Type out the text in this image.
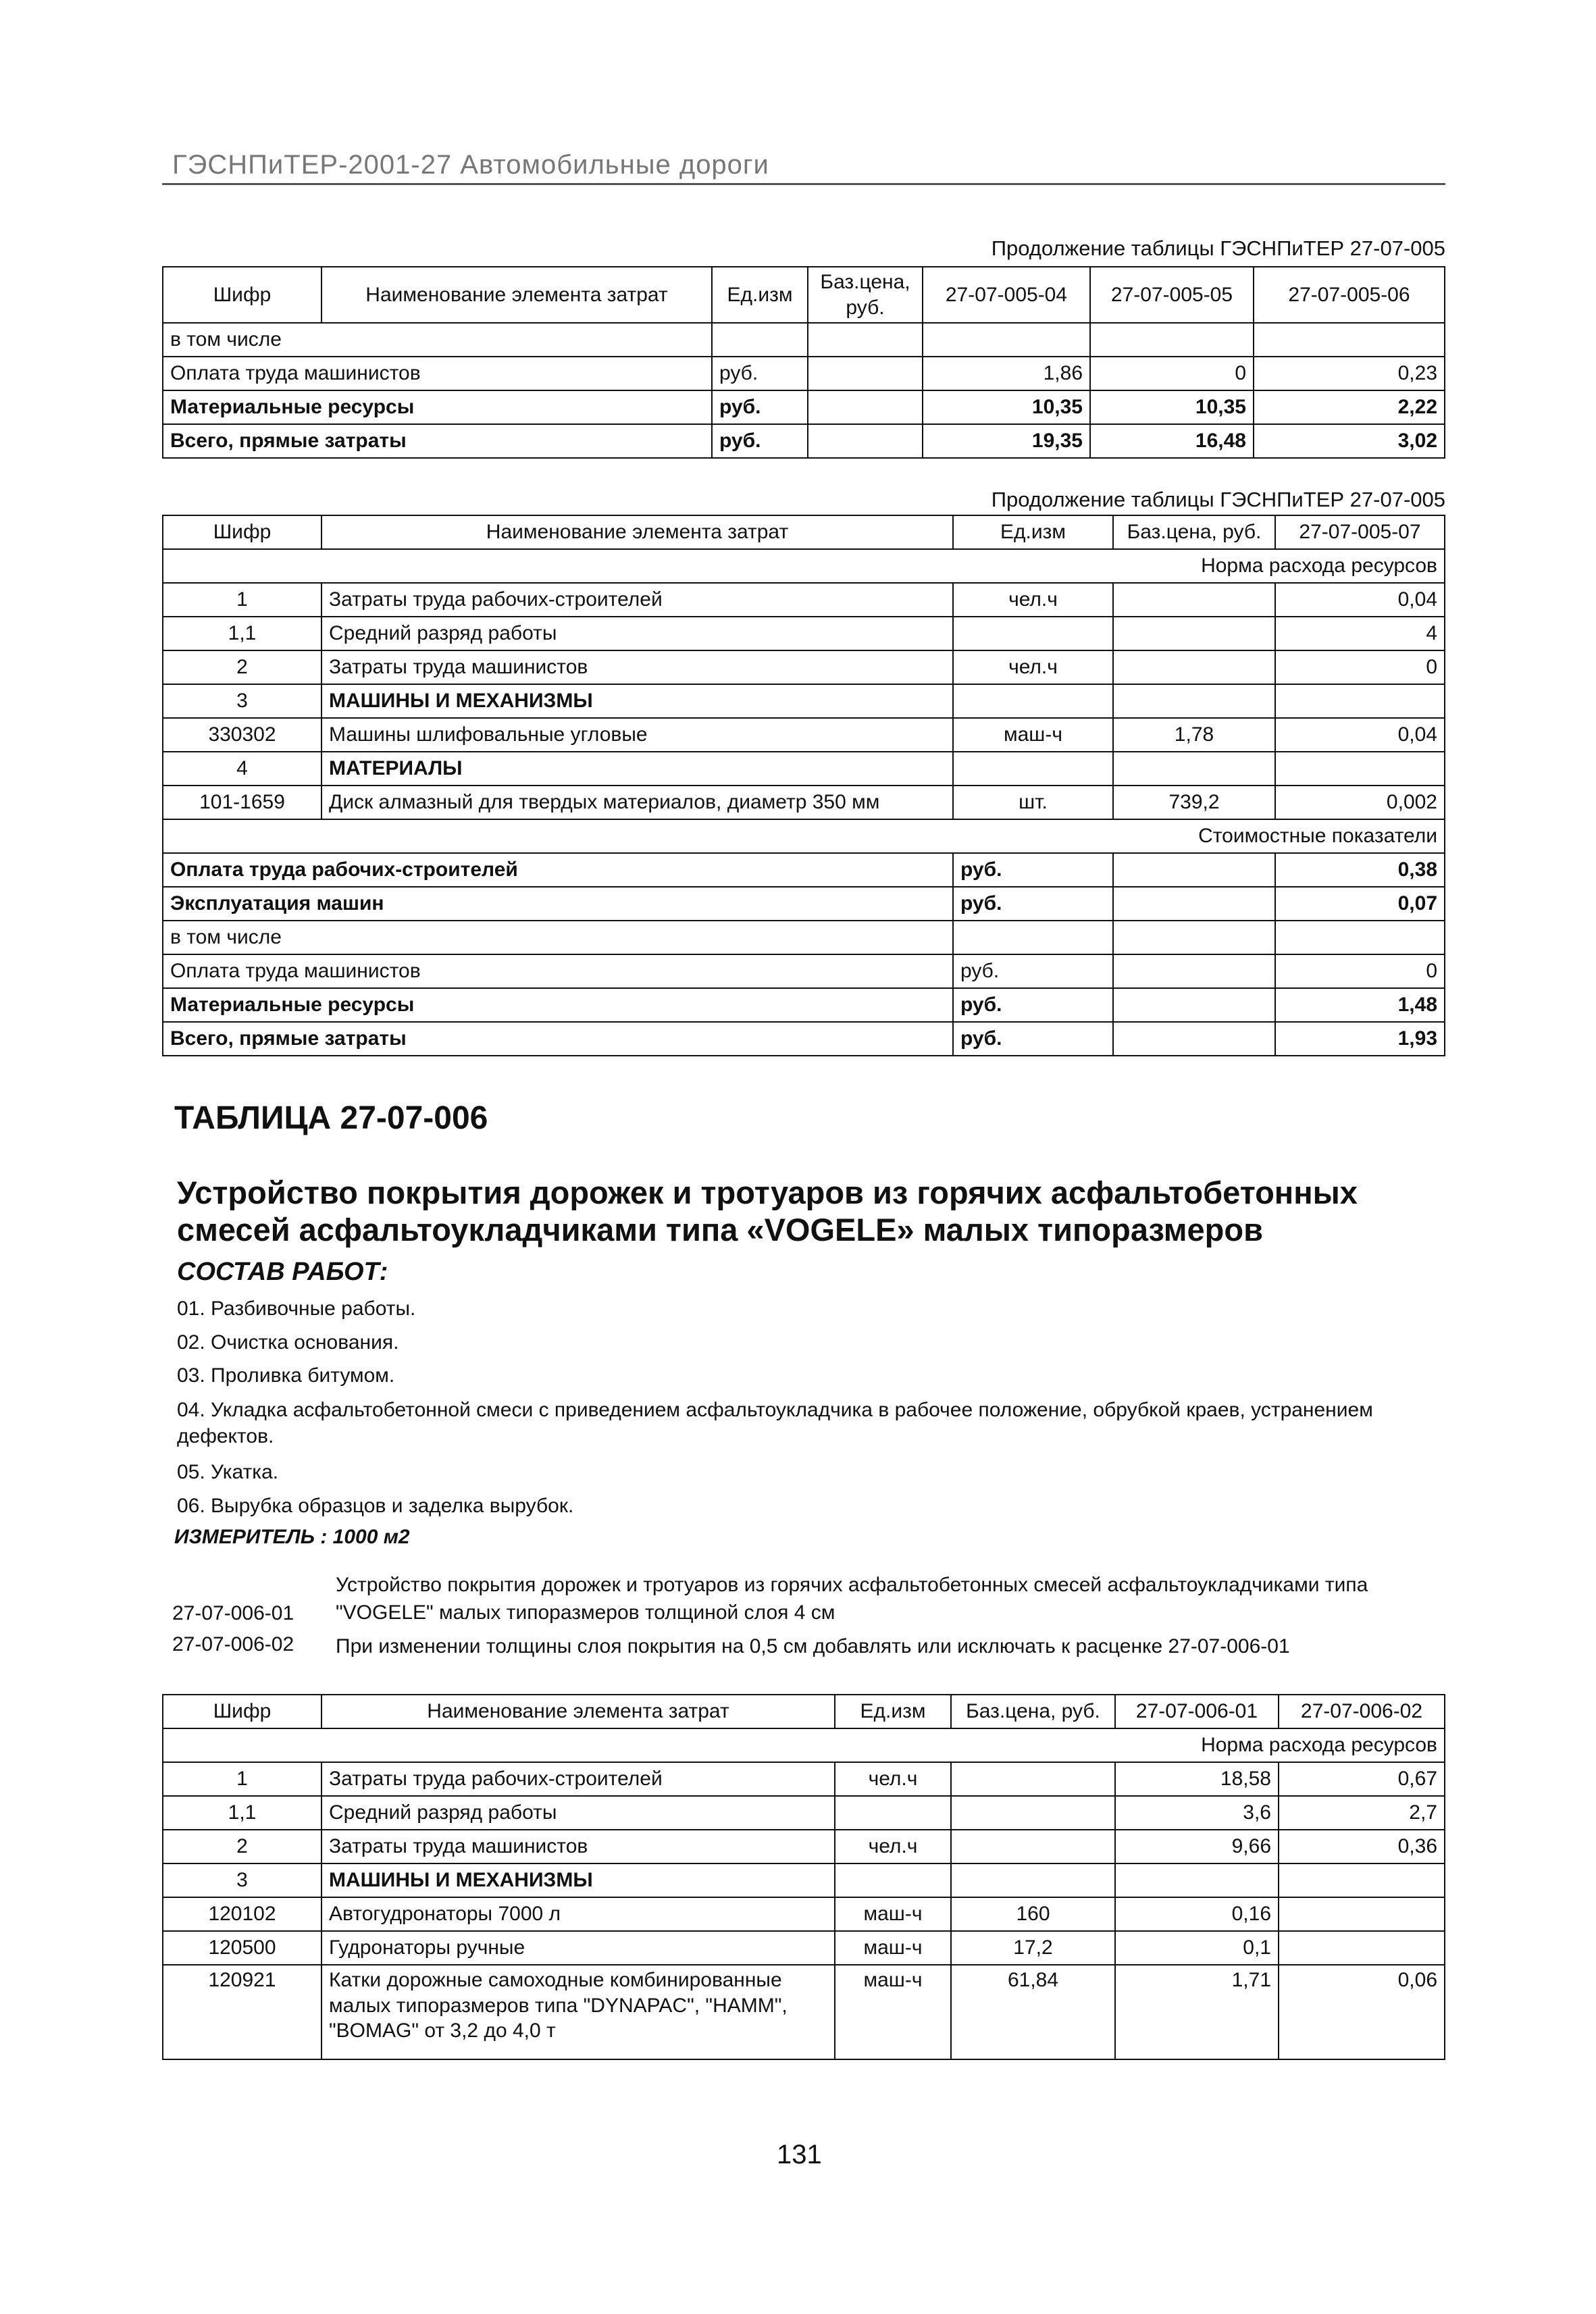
ГЭСНПиТЕР-2001-27 Автомобильные дороги
Продолжение таблицы ГЭСНПиТЕР 27-07-005
Шифр	Наименование элемента затрат	Ед.изм	Баз.цена, руб.	27-07-005-04	27-07-005-05	27-07-005-06
в том числе						
Оплата труда машинистов		руб.		1,86	0	0,23
Материальные ресурсы		руб.		10,35	10,35	2,22
Всего, прямые затраты		руб.		19,35	16,48	3,02
Продолжение таблицы ГЭСНПиТЕР 27-07-005
Шифр	Наименование элемента затрат	Ед.изм	Баз.цена, руб.	27-07-005-07
Норма расхода ресурсов				
1	Затраты труда рабочих-строителей	чел.ч		0,04
1,1	Средний разряд работы			4
2	Затраты труда машинистов	чел.ч		0
3	МАШИНЫ И МЕХАНИЗМЫ			
330302	Машины шлифовальные угловые	маш-ч	1,78	0,04
4	МАТЕРИАЛЫ			
101-1659	Диск алмазный для твердых материалов, диаметр 350 мм	шт.	739,2	0,002
Стоимостные показатели				
Оплата труда рабочих-строителей		руб.		0,38
Эксплуатация машин		руб.		0,07
в том числе				
Оплата труда машинистов		руб.		0
Материальные ресурсы		руб.		1,48
Всего, прямые затраты		руб.		1,93
ТАБЛИЦА 27-07-006
Устройство покрытия дорожек и тротуаров из горячих асфальтобетонных смесей асфальтоукладчиками типа «VOGELE» малых типоразмеров
СОСТАВ РАБОТ:
01. Разбивочные работы.
02. Очистка основания.
03. Проливка битумом.
04. Укладка асфальтобетонной смеси с приведением асфальтоукладчика в рабочее положение, обрубкой краев, устранением дефектов.
05. Укатка.
06. Вырубка образцов и заделка вырубок.
ИЗМЕРИТЕЛЬ : 1000 м2
27-07-006-01
Устройство покрытия дорожек и тротуаров из горячих асфальтобетонных смесей асфальтоукладчиками типа "VOGELE" малых типоразмеров толщиной слоя 4 см
27-07-006-02 При изменении толщины слоя покрытия на 0,5 см добавлять или исключать к расценке 27-07-006-01
Шифр	Наименование элемента затрат	Ед.изм	Баз.цена, руб.	27-07-006-01	27-07-006-02
Норма расхода ресурсов					
1	Затраты труда рабочих-строителей	чел.ч		18,58	0,67
1,1	Средний разряд работы			3,6	2,7
2	Затраты труда машинистов	чел.ч		9,66	0,36
3	МАШИНЫ И МЕХАНИЗМЫ				
120102	Автогудронаторы 7000 л	маш-ч	160	0,16	
120500	Гудронаторы ручные	маш-ч	17,2	0,1	
120921	Катки дорожные самоходные комбинированные малых типоразмеров типа "DYNAPAC", "HAMM", "BOMAG" от 3,2 до 4,0 т	маш-ч	61,84	1,71	0,06
131
